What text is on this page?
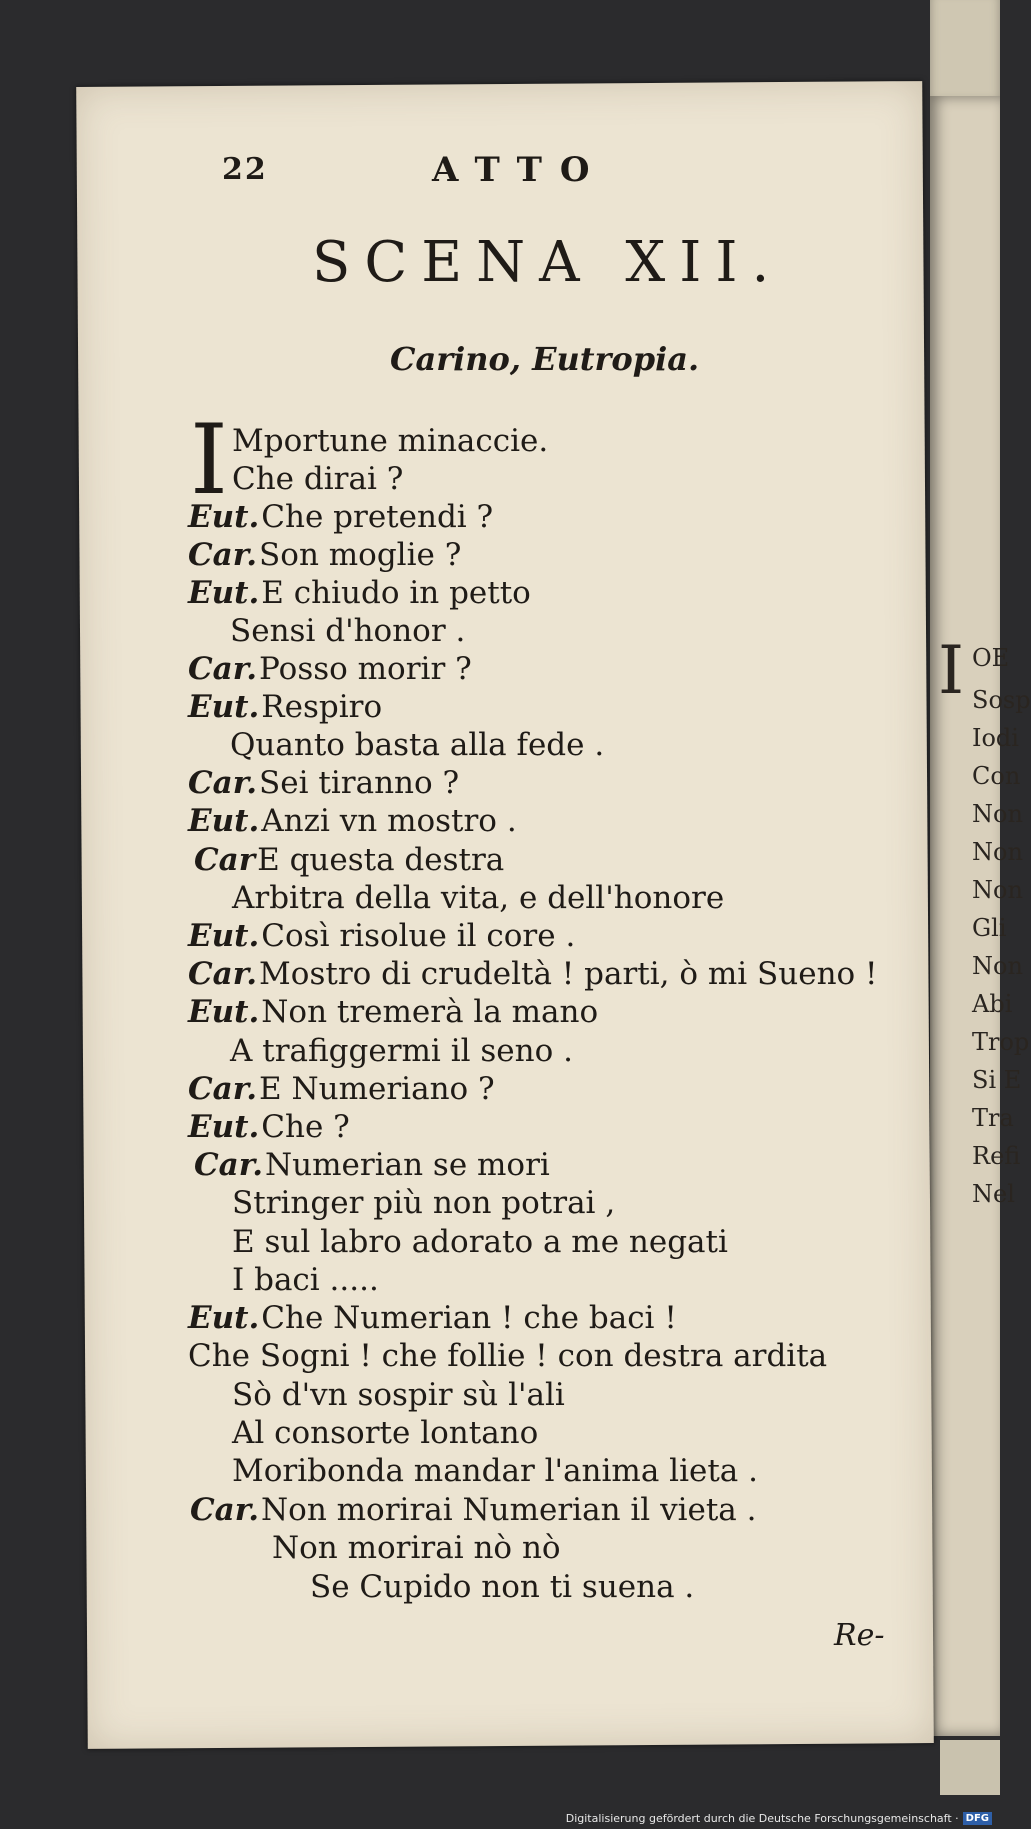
I OE
Sosp
Iodi
Con
Non
Non
Non
Gli
Non
Abi
Trop
Si E
Tra
Refi
Nel
22	ATTO
SCENA XII.
Carino, Eutropia.
I Mportune minaccie.
Che dirai ?
Eut.Che pretendi ?
Car.Son moglie ?
Eut.E chiudo in petto
Sensi d'honor .
Car.Posso morir ?
Eut.Respiro
Quanto basta alla fede .
Car.Sei tiranno ?
Eut.Anzi vn mostro .
CarE questa destra
Arbitra della vita, e dell'honore
Eut.Così risolue il core .
Car.Mostro di crudeltà ! parti, ò mi Sueno !
Eut.Non tremerà la mano
A trafiggermi il seno .
Car.E Numeriano ?
Eut.Che ?
Car.Numerian se mori
Stringer più non potrai ,
E sul labro adorato a me negati
I baci .....
Eut.Che Numerian ! che baci !
Che Sogni ! che follie ! con destra ardita
Sò d'vn sospir sù l'ali
Al consorte lontano
Moribonda mandar l'anima lieta .
Car.Non morirai Numerian il vieta .
Non morirai nò nò
Se Cupido non ti suena .
Re-
Digitalisierung gefördert durch die Deutsche Forschungsgemeinschaft · DFG
